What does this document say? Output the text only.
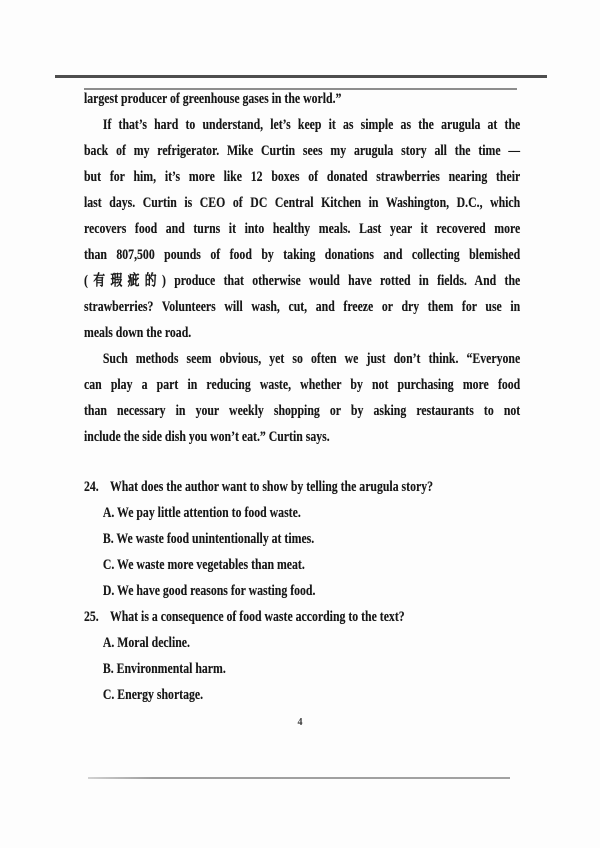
largest producer of greenhouse gases in the world.”
If that’s hard to understand, let’s keep it as simple as the arugula at the
back of my refrigerator. Mike Curtin sees my arugula story all the time —
but for him, it’s more like 12 boxes of donated strawberries nearing their
last days. Curtin is CEO of DC Central Kitchen in Washington, D.C., which
recovers food and turns it into healthy meals. Last year it recovered more
than 807,500 pounds of food by taking donations and collecting blemished
(有瑕疵的) produce that otherwise would have rotted in fields. And the
strawberries? Volunteers will wash, cut, and freeze or dry them for use in
meals down the road.
Such methods seem obvious, yet so often we just don’t think. “Everyone
can play a part in reducing waste, whether by not purchasing more food
than necessary in your weekly shopping or by asking restaurants to not
include the side dish you won’t eat.” Curtin says.
24. What does the author want to show by telling the arugula story?
A. We pay little attention to food waste.
B. We waste food unintentionally at times.
C. We waste more vegetables than meat.
D. We have good reasons for wasting food.
25. What is a consequence of food waste according to the text?
A. Moral decline.
B. Environmental harm.
C. Energy shortage.
4
